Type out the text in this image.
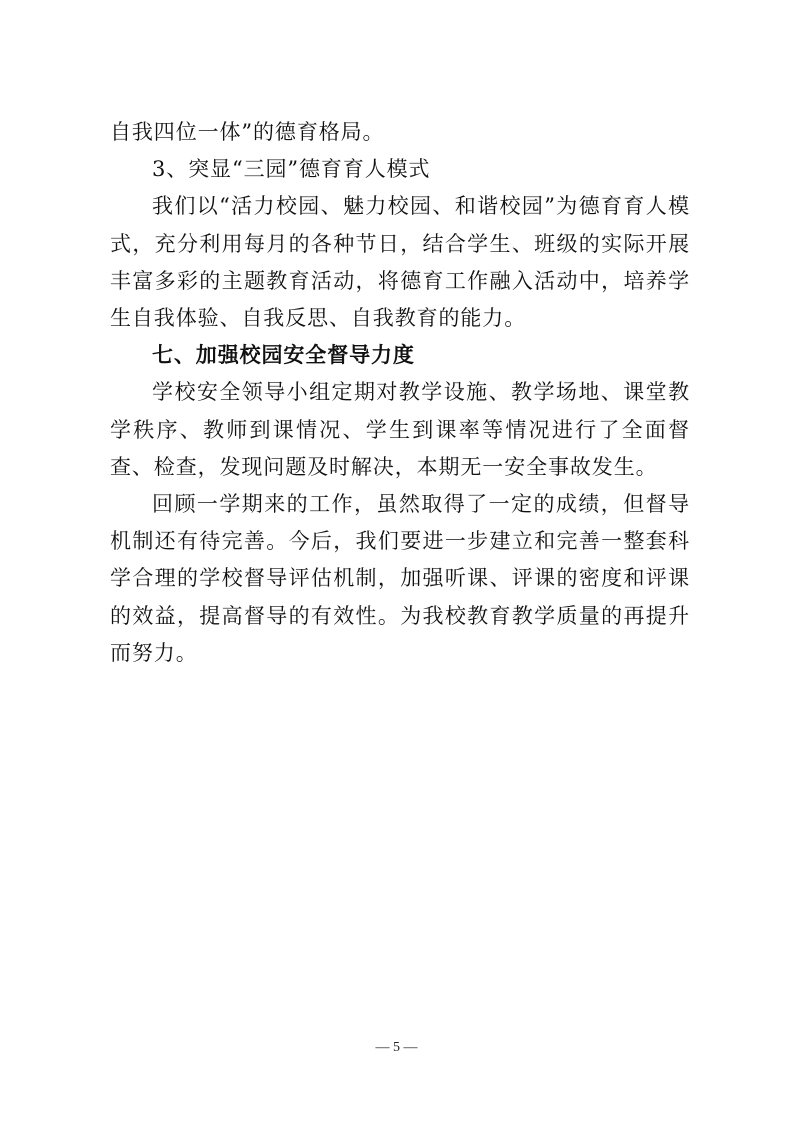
自我四位一体”的德育格局。

3、突显“三园”德育育人模式

我们以“活力校园、魅力校园、和谐校园”为德育育人模式，充分利用每月的各种节日，结合学生、班级的实际开展丰富多彩的主题教育活动，将德育工作融入活动中，培养学生自我体验、自我反思、自我教育的能力。

七、加强校园安全督导力度

学校安全领导小组定期对教学设施、教学场地、课堂教学秩序、教师到课情况、学生到课率等情况进行了全面督查、检查，发现问题及时解决，本期无一安全事故发生。

回顾一学期来的工作，虽然取得了一定的成绩，但督导机制还有待完善。今后，我们要进一步建立和完善一整套科学合理的学校督导评估机制，加强听课、评课的密度和评课的效益，提高督导的有效性。为我校教育教学质量的再提升而努力。

— 5 —
